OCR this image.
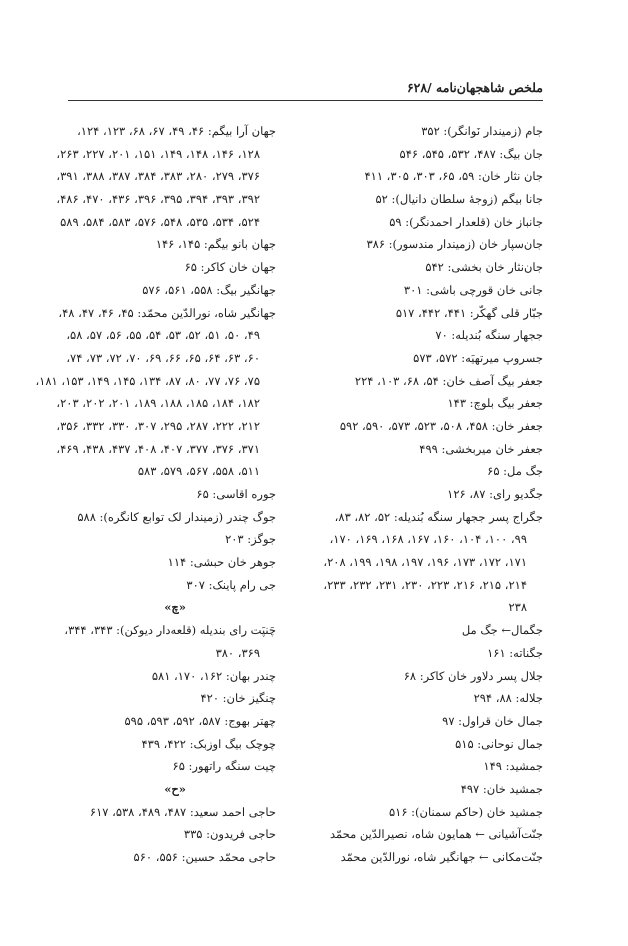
ملخص شاهجهان‌نامه /۶۲۸
جام (زمیندار نَوانگر): ۳۵۲
جان بیگ: ۴۸۷، ۵۳۲، ۵۴۵، ۵۴۶
جان نثار خان: ۵۹، ۶۵، ۳۰۳، ۳۰۵، ۴۱۱
جانا بیگم (زوجهٔ سلطان دانیال): ۵۲
جانباز خان (قلعدار احمدنگر): ۵۹
جان‌سپار خان (زمیندار مندسور): ۳۸۶
جان‌نثار خان بخشی: ۵۴۲
جانی خان قورچی باشی: ۳۰۱
جبّار قلی گهکّر: ۴۴۱، ۴۴۲، ۵۱۷
ججهار سنگه بُندیله: ۷۰
جسروپ میرتهیَه: ۵۷۲، ۵۷۳
جعفر بیگ آصف خان: ۵۴، ۶۸، ۱۰۳، ۲۲۴
جعفر بیگ بلوچ: ۱۴۳
جعفر خان: ۴۵۸، ۵۰۸، ۵۲۳، ۵۷۳، ۵۹۰، ۵۹۲
جعفر خان میربخشی: ۴۹۹
جگ مل: ۶۵
جگدیو رای: ۸۷، ۱۲۶
جگراج پسر ججهار سنگه بُندیله: ۵۲، ۸۲، ۸۳،
۹۹، ۱۰۰، ۱۰۴، ۱۶۰، ۱۶۷، ۱۶۸، ۱۶۹، ۱۷۰،
۱۷۱، ۱۷۲، ۱۷۳، ۱۹۶، ۱۹۷، ۱۹۸، ۱۹۹، ۲۰۸،
۲۱۴، ۲۱۵، ۲۱۶، ۲۲۳، ۲۳۰، ۲۳۱، ۲۳۲، ۲۳۳،
۲۳۸
جگمال← جگ مل
جگناته: ۱۶۱
جلال پسر دلاور خان کاکر: ۶۸
جلاله: ۸۸، ۲۹۴
جمال خان قراول: ۹۷
جمال نوحانی: ۵۱۵
جمشید: ۱۴۹
جمشید خان: ۴۹۷
جمشید خان (حاکم سمنان): ۵۱۶
جنّت‌آشیانی ← همایون شاه، نصیرالدّین محمّد
جنّت‌مکانی ← جهانگیر شاه، نورالدّین محمّد
جهان آرا بیگم: ۴۶، ۴۹، ۶۷، ۶۸، ۱۲۳، ۱۲۴،
۱۲۸، ۱۴۶، ۱۴۸، ۱۴۹، ۱۵۱، ۲۰۱، ۲۲۷، ۲۶۳،
۳۷۶، ۲۷۹، ۲۸۰، ۳۸۳، ۳۸۴، ۳۸۷، ۳۸۸، ۳۹۱،
۳۹۲، ۳۹۳، ۳۹۴، ۳۹۵، ۳۹۶، ۴۳۶، ۴۷۰، ۴۸۶،
۵۲۴، ۵۳۴، ۵۳۵، ۵۴۸، ۵۷۶، ۵۸۳، ۵۸۴، ۵۸۹
جهان بانو بیگم: ۱۴۵، ۱۴۶
جهان خان کاکر: ۶۵
جهانگیر بیگ: ۵۵۸، ۵۶۱، ۵۷۶
جهانگیر شاه، نورالدّین محمّد: ۴۵، ۴۶، ۴۷، ۴۸،
۴۹، ۵۰، ۵۱، ۵۲، ۵۳، ۵۴، ۵۵، ۵۶، ۵۷، ۵۸،
۶۰، ۶۳، ۶۴، ۶۵، ۶۶، ۶۹، ۷۰، ۷۲، ۷۳، ۷۴،
۷۵، ۷۶، ۷۷، ۸۰، ۸۷، ۱۳۴، ۱۴۵، ۱۴۹، ۱۵۳، ۱۸۱،
۱۸۲، ۱۸۴، ۱۸۵، ۱۸۸، ۱۸۹، ۲۰۱، ۲۰۲، ۲۰۳،
۲۱۲، ۲۲۲، ۲۸۷، ۲۹۵، ۳۰۷، ۳۳۰، ۳۳۲، ۳۵۶،
۳۷۱، ۳۷۶، ۳۷۷، ۴۰۷، ۴۰۸، ۴۳۷، ۴۳۸، ۴۶۹،
۵۱۱، ۵۵۸، ۵۶۷، ۵۷۹، ۵۸۳
جوره اقاسی: ۶۵
جوگ چندر (زمیندار لک توابع کانگره): ۵۸۸
جوگز: ۲۰۳
جوهر خان حبشی: ۱۱۴
جی رام پاینک: ۳۰۷
«چ»
چَنپَت رای بندیله (قلعه‌دار دیوکن): ۳۴۳، ۳۴۴،
۳۶۹، ۳۸۰
چندر بهان: ۱۶۲، ۱۷۰، ۵۸۱
چنگیز خان: ۴۲۰
چهتر بهوج: ۵۸۷، ۵۹۲، ۵۹۳، ۵۹۵
چوچک بیگ اوزبک: ۴۲۲، ۴۳۹
چیت سنگه راتهور: ۶۵
«ح»
حاجی احمد سعید: ۴۸۷، ۴۸۹، ۵۳۸، ۶۱۷
حاجی فریدون: ۳۳۵
حاجی محمّد حسین: ۵۵۶، ۵۶۰
